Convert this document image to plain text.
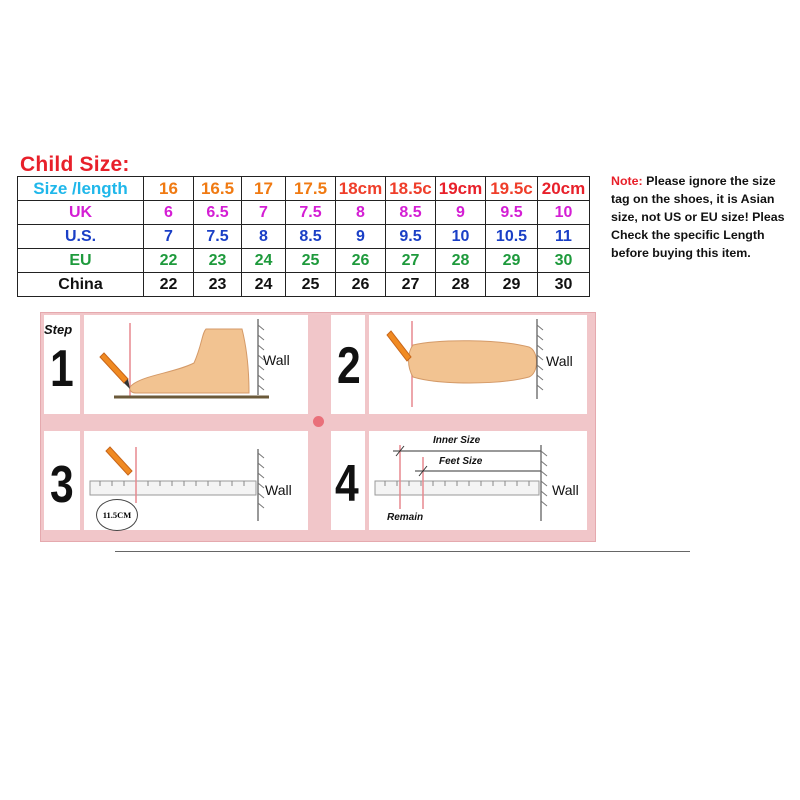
Child Size:
Size /length	16	16.5	17	17.5	18cm	18.5c	19cm	19.5c	20cm
UK	6	6.5	7	7.5	8	8.5	9	9.5	10
U.S.	7	7.5	8	8.5	9	9.5	10	10.5	11
EU	22	23	24	25	26	27	28	29	30
China	22	23	24	25	26	27	28	29	30
Note: Please ignore the size tag on the shoes, it is Asian size, not US or EU size! Pleas Check the specific Length before buying this item.
Step
1	2
3	4
Wall	Wall
11.5CM
Wall
Inner Size
Feet Size
Remain
Wall
